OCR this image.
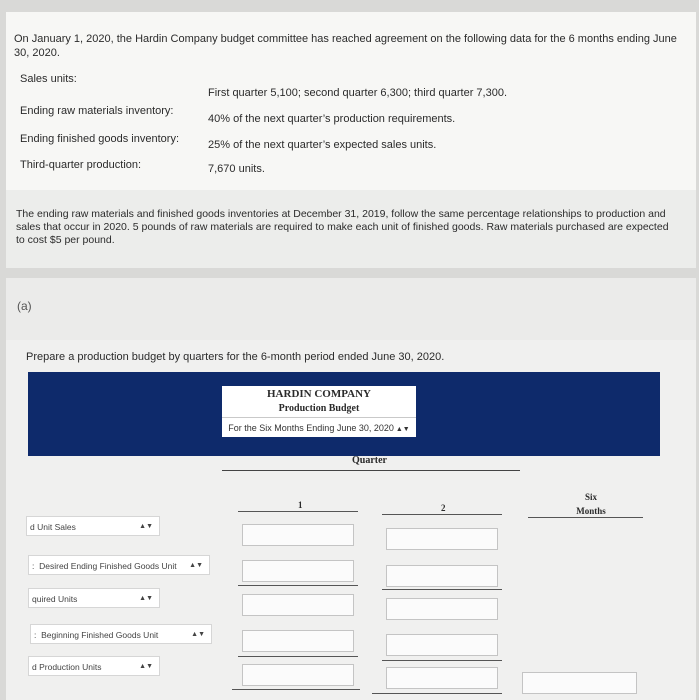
On January 1, 2020, the Hardin Company budget committee has reached agreement on the following data for the 6 months ending June 30, 2020.
Sales units:
First quarter 5,100; second quarter 6,300; third quarter 7,300.
Ending raw materials inventory:
40% of the next quarter’s production requirements.
Ending finished goods inventory:	25% of the next quarter’s expected sales units.
Third-quarter production:	7,670 units.
The ending raw materials and finished goods inventories at December 31, 2019, follow the same percentage relationships to production and sales that occur in 2020. 5 pounds of raw materials are required to make each unit of finished goods. Raw materials purchased are expected to cost $5 per pound.
(a)
Prepare a production budget by quarters for the 6-month period ended June 30, 2020.
HARDIN COMPANY
Production Budget
For the Six Months Ending June 30, 2020 ▲▼
Quarter
1	2
Six
Months
d Unit Sales	▲▼
: Desired Ending Finished Goods Unit ▲▼
quired Units	▲▼
: Beginning Finished Goods Unit	▲▼
d Production Units	▲▼
